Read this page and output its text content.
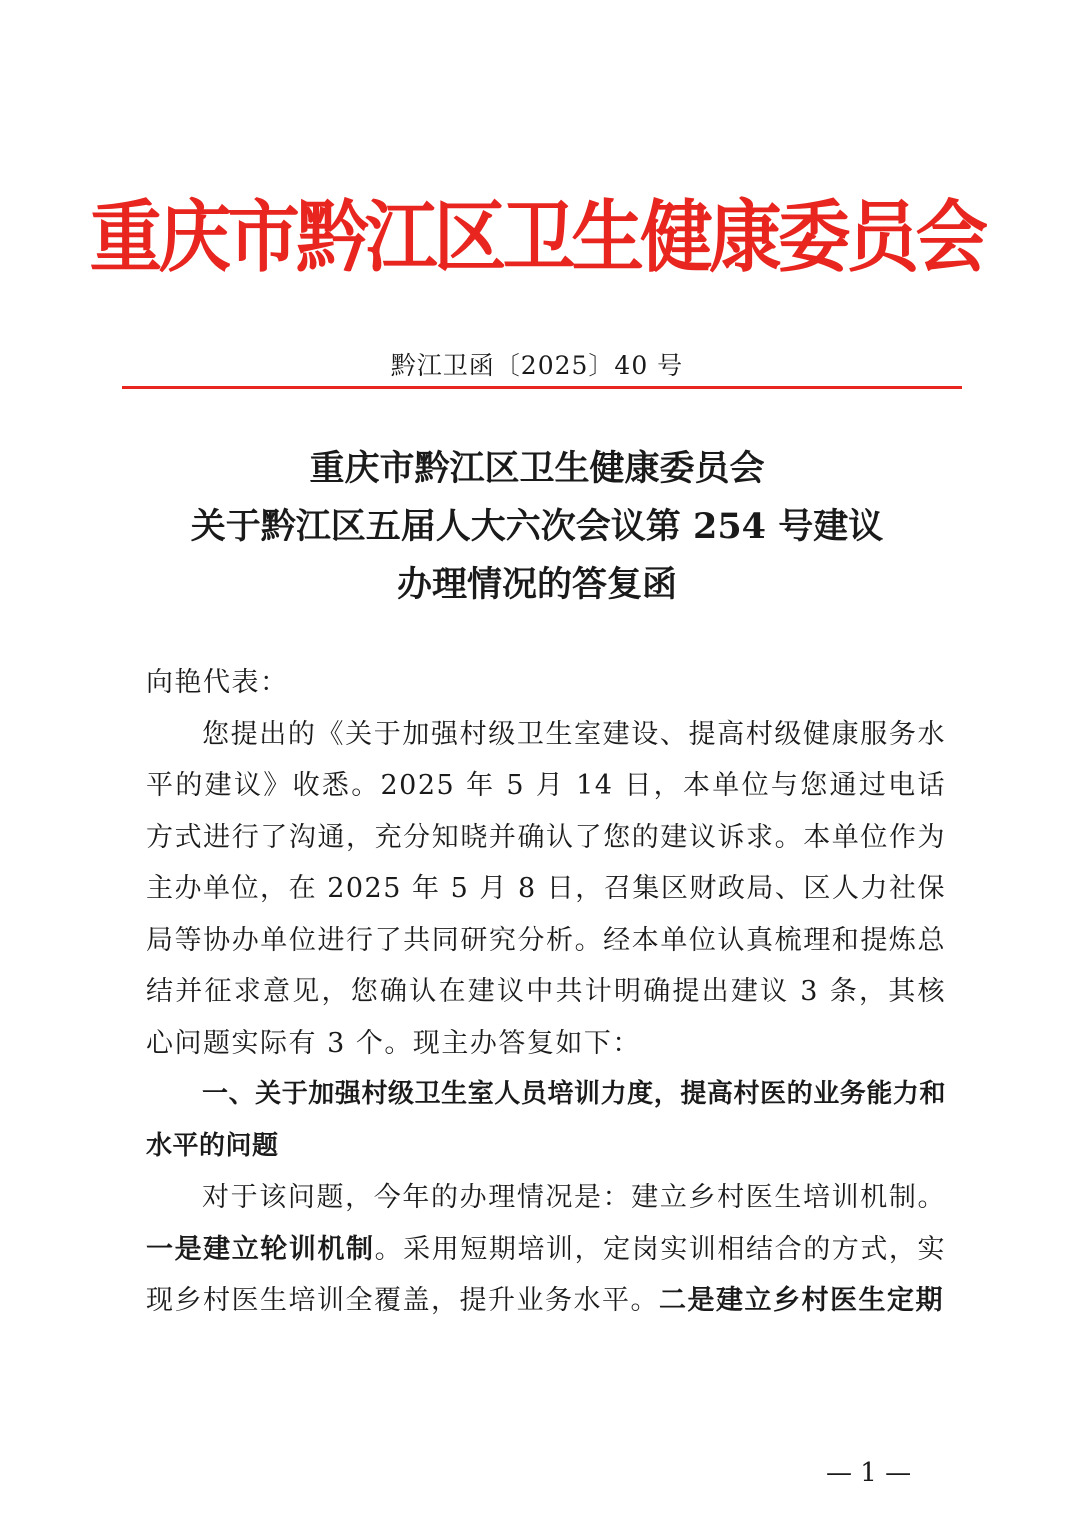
重庆市黔江区卫生健康委员会
黔江卫函〔2025〕40 号
重庆市黔江区卫生健康委员会
关于黔江区五届人大六次会议第 254 号建议
办理情况的答复函

向艳代表：

您提出的《关于加强村级卫生室建设、提高村级健康服务水平的建议》收悉。2025 年 5 月 14 日，本单位与您通过电话方式进行了沟通，充分知晓并确认了您的建议诉求。本单位作为主办单位，在 2025 年 5 月 8 日，召集区财政局、区人力社保局等协办单位进行了共同研究分析。经本单位认真梳理和提炼总结并征求意见，您确认在建议中共计明确提出建议 3 条，其核心问题实际有 3 个。现主办答复如下：

一、关于加强村级卫生室人员培训力度，提高村医的业务能力和水平的问题

对于该问题，今年的办理情况是：建立乡村医生培训机制。一是建立轮训机制。采用短期培训，定岗实训相结合的方式，实现乡村医生培训全覆盖，提升业务水平。二是建立乡村医生定期

— 1 —
